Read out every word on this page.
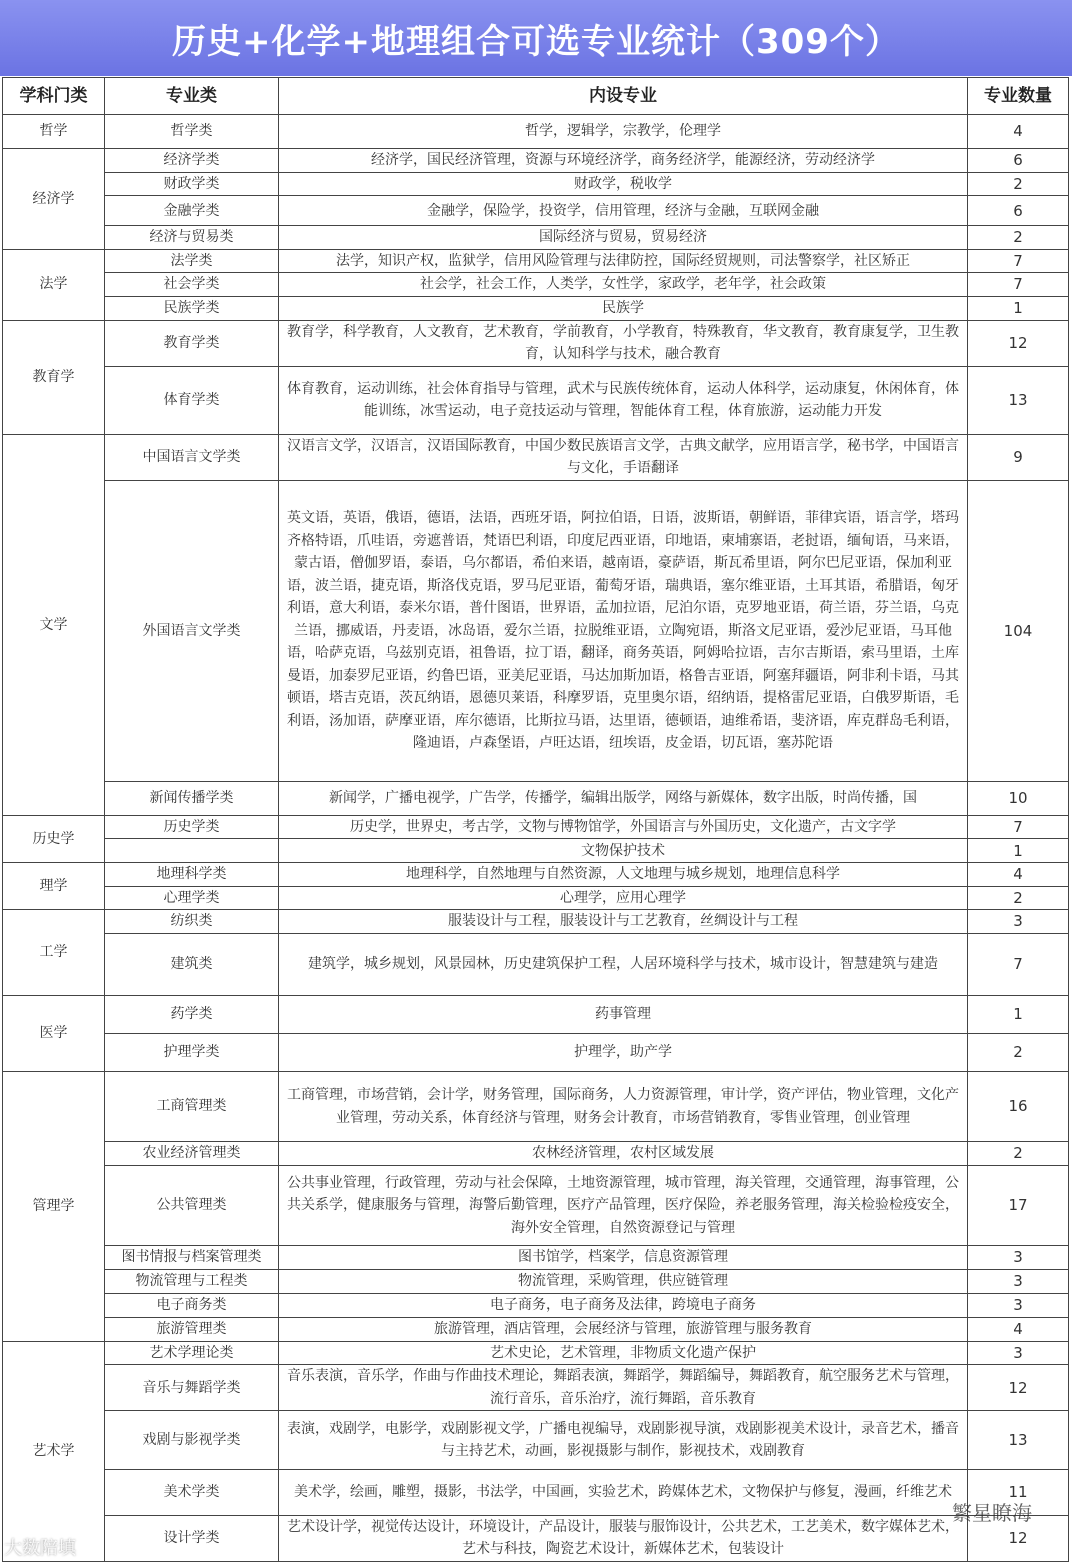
历史+化学+地理组合可选专业统计（309个）
学科门类	专业类	内设专业	专业数量
哲学	哲学类	哲学，逻辑学，宗教学，伦理学	4
经济学	经济学类	经济学，国民经济管理，资源与环境经济学，商务经济学，能源经济，劳动经济学	6
	财政学类	财政学，税收学	2
	金融学类	金融学，保险学，投资学，信用管理，经济与金融，互联网金融	6
	经济与贸易类	国际经济与贸易，贸易经济	2
法学	法学类	法学，知识产权，监狱学，信用风险管理与法律防控，国际经贸规则，司法警察学，社区矫正	7
	社会学类	社会学，社会工作，人类学，女性学，家政学，老年学，社会政策	7
	民族学类	民族学	1
教育学	教育学类	教育学，科学教育，人文教育，艺术教育，学前教育，小学教育，特殊教育，华文教育，教育康复学，卫生教育，认知科学与技术，融合教育	12
	体育学类	体育教育，运动训练，社会体育指导与管理，武术与民族传统体育，运动人体科学，运动康复，休闲体育，体能训练，冰雪运动，电子竞技运动与管理，智能体育工程，体育旅游，运动能力开发	13
文学	中国语言文学类	汉语言文学，汉语言，汉语国际教育，中国少数民族语言文学，古典文献学，应用语言学，秘书学，中国语言与文化，手语翻译	9
	外国语言文学类	英文语，英语，俄语，德语，法语，西班牙语，阿拉伯语，日语，波斯语，朝鲜语，菲律宾语，语言学，塔玛齐格特语，爪哇语，旁遮普语，梵语巴利语，印度尼西亚语，印地语，柬埔寨语，老挝语，缅甸语，马来语，蒙古语，僧伽罗语，泰语，乌尔都语，希伯来语，越南语，豪萨语，斯瓦希里语，阿尔巴尼亚语，保加利亚语，波兰语，捷克语，斯洛伐克语，罗马尼亚语，葡萄牙语，瑞典语，塞尔维亚语，土耳其语，希腊语，匈牙利语，意大利语，泰米尔语，普什图语，世界语，孟加拉语，尼泊尔语，克罗地亚语，荷兰语，芬兰语，乌克兰语，挪威语，丹麦语，冰岛语，爱尔兰语，拉脱维亚语，立陶宛语，斯洛文尼亚语，爱沙尼亚语，马耳他语，哈萨克语，乌兹别克语，祖鲁语，拉丁语，翻译，商务英语，阿姆哈拉语，吉尔吉斯语，索马里语，土库曼语，加泰罗尼亚语，约鲁巴语，亚美尼亚语，马达加斯加语，格鲁吉亚语，阿塞拜疆语，阿非利卡语，马其顿语，塔吉克语，茨瓦纳语，恩德贝莱语，科摩罗语，克里奥尔语，绍纳语，提格雷尼亚语，白俄罗斯语，毛利语，汤加语，萨摩亚语，库尔德语，比斯拉马语，达里语，德顿语，迪维希语，斐济语，库克群岛毛利语，隆迪语，卢森堡语，卢旺达语，纽埃语，皮金语，切瓦语，塞苏陀语	104
	新闻传播学类	新闻学，广播电视学，广告学，传播学，编辑出版学，网络与新媒体，数字出版，时尚传播，国	10
历史学	历史学类	历史学，世界史，考古学，文物与博物馆学，外国语言与外国历史，文化遗产，古文字学	7
		文物保护技术	1
理学	地理科学类	地理科学，自然地理与自然资源，人文地理与城乡规划，地理信息科学	4
	心理学类	心理学，应用心理学	2
工学	纺织类	服装设计与工程，服装设计与工艺教育，丝绸设计与工程	3
	建筑类	建筑学，城乡规划，风景园林，历史建筑保护工程，人居环境科学与技术，城市设计，智慧建筑与建造	7
医学	药学类	药事管理	1
	护理学类	护理学，助产学	2
管理学	工商管理类	工商管理，市场营销，会计学，财务管理，国际商务，人力资源管理，审计学，资产评估，物业管理，文化产业管理，劳动关系，体育经济与管理，财务会计教育，市场营销教育，零售业管理，创业管理	16
	农业经济管理类	农林经济管理，农村区域发展	2
	公共管理类	公共事业管理，行政管理，劳动与社会保障，土地资源管理，城市管理，海关管理，交通管理，海事管理，公共关系学，健康服务与管理，海警后勤管理，医疗产品管理，医疗保险，养老服务管理，海关检验检疫安全，海外安全管理，自然资源登记与管理	17
	图书情报与档案管理类	图书馆学，档案学，信息资源管理	3
	物流管理与工程类	物流管理，采购管理，供应链管理	3
	电子商务类	电子商务，电子商务及法律，跨境电子商务	3
	旅游管理类	旅游管理，酒店管理，会展经济与管理，旅游管理与服务教育	4
艺术学	艺术学理论类	艺术史论，艺术管理，非物质文化遗产保护	3
	音乐与舞蹈学类	音乐表演，音乐学，作曲与作曲技术理论，舞蹈表演，舞蹈学，舞蹈编导，舞蹈教育，航空服务艺术与管理，流行音乐，音乐治疗，流行舞蹈，音乐教育	12
	戏剧与影视学类	表演，戏剧学，电影学，戏剧影视文学，广播电视编导，戏剧影视导演，戏剧影视美术设计，录音艺术，播音与主持艺术，动画，影视摄影与制作，影视技术，戏剧教育	13
	美术学类	美术学，绘画，雕塑，摄影，书法学，中国画，实验艺术，跨媒体艺术，文物保护与修复，漫画，纤维艺术	11
	设计学类	艺术设计学，视觉传达设计，环境设计，产品设计，服装与服饰设计，公共艺术，工艺美术，数字媒体艺术，艺术与科技，陶瓷艺术设计，新媒体艺术，包装设计	12
繁星瞭海
大数陪填
